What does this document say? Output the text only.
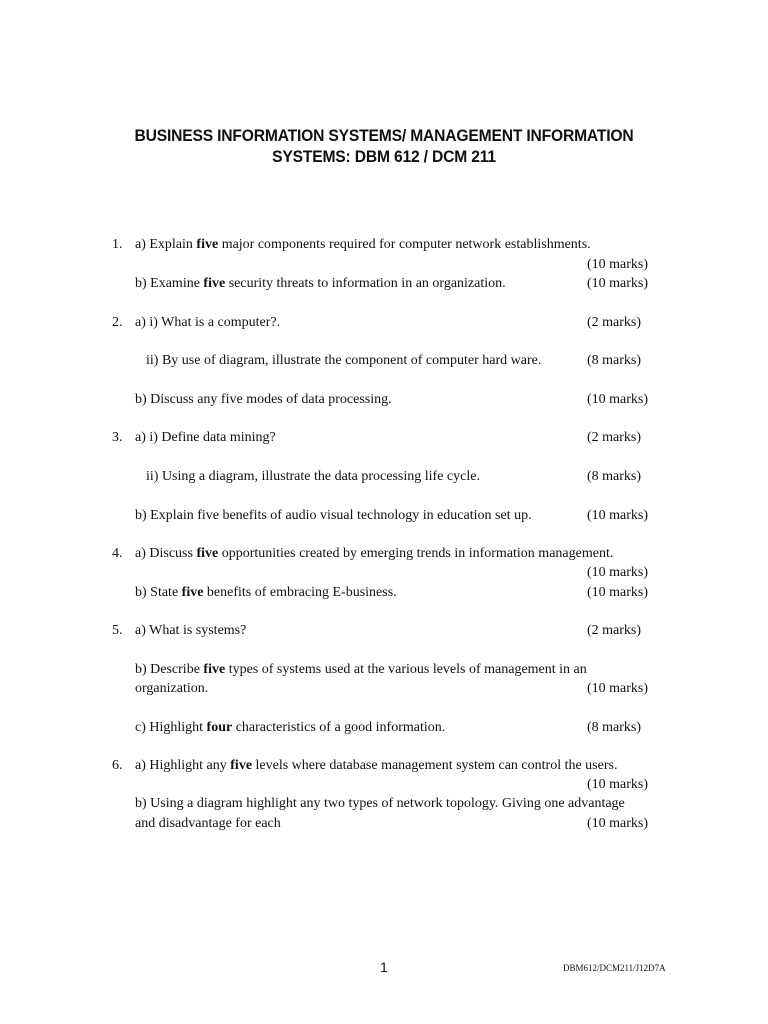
BUSINESS INFORMATION SYSTEMS/ MANAGEMENT INFORMATION
SYSTEMS: DBM 612 / DCM 211
1. a) Explain five major components required for computer network establishments.
(10 marks)
b) Examine five security threats to information in an organization.	(10 marks)
2. a) i) What is a computer?.	(2 marks)
ii) By use of diagram, illustrate the component of computer hard ware.	(8 marks)
b) Discuss any five modes of data processing.	(10 marks)
3. a) i) Define data mining?	(2 marks)
ii) Using a diagram, illustrate the data processing life cycle.	(8 marks)
b) Explain five benefits of audio visual technology in education set up.	(10 marks)
4. a) Discuss five opportunities created by emerging trends in information management.
(10 marks)
b) State five benefits of embracing E-business.	(10 marks)
5. a) What is systems?	(2 marks)
b) Describe five types of systems used at the various levels of management in an
organization.	(10 marks)
c) Highlight four characteristics of a good information.	(8 marks)
6. a) Highlight any five levels where database management system can control the users.
(10 marks)
b) Using a diagram highlight any two types of network topology. Giving one advantage
and disadvantage for each	(10 marks)
1	DBM612/DCM211/J12D7A
